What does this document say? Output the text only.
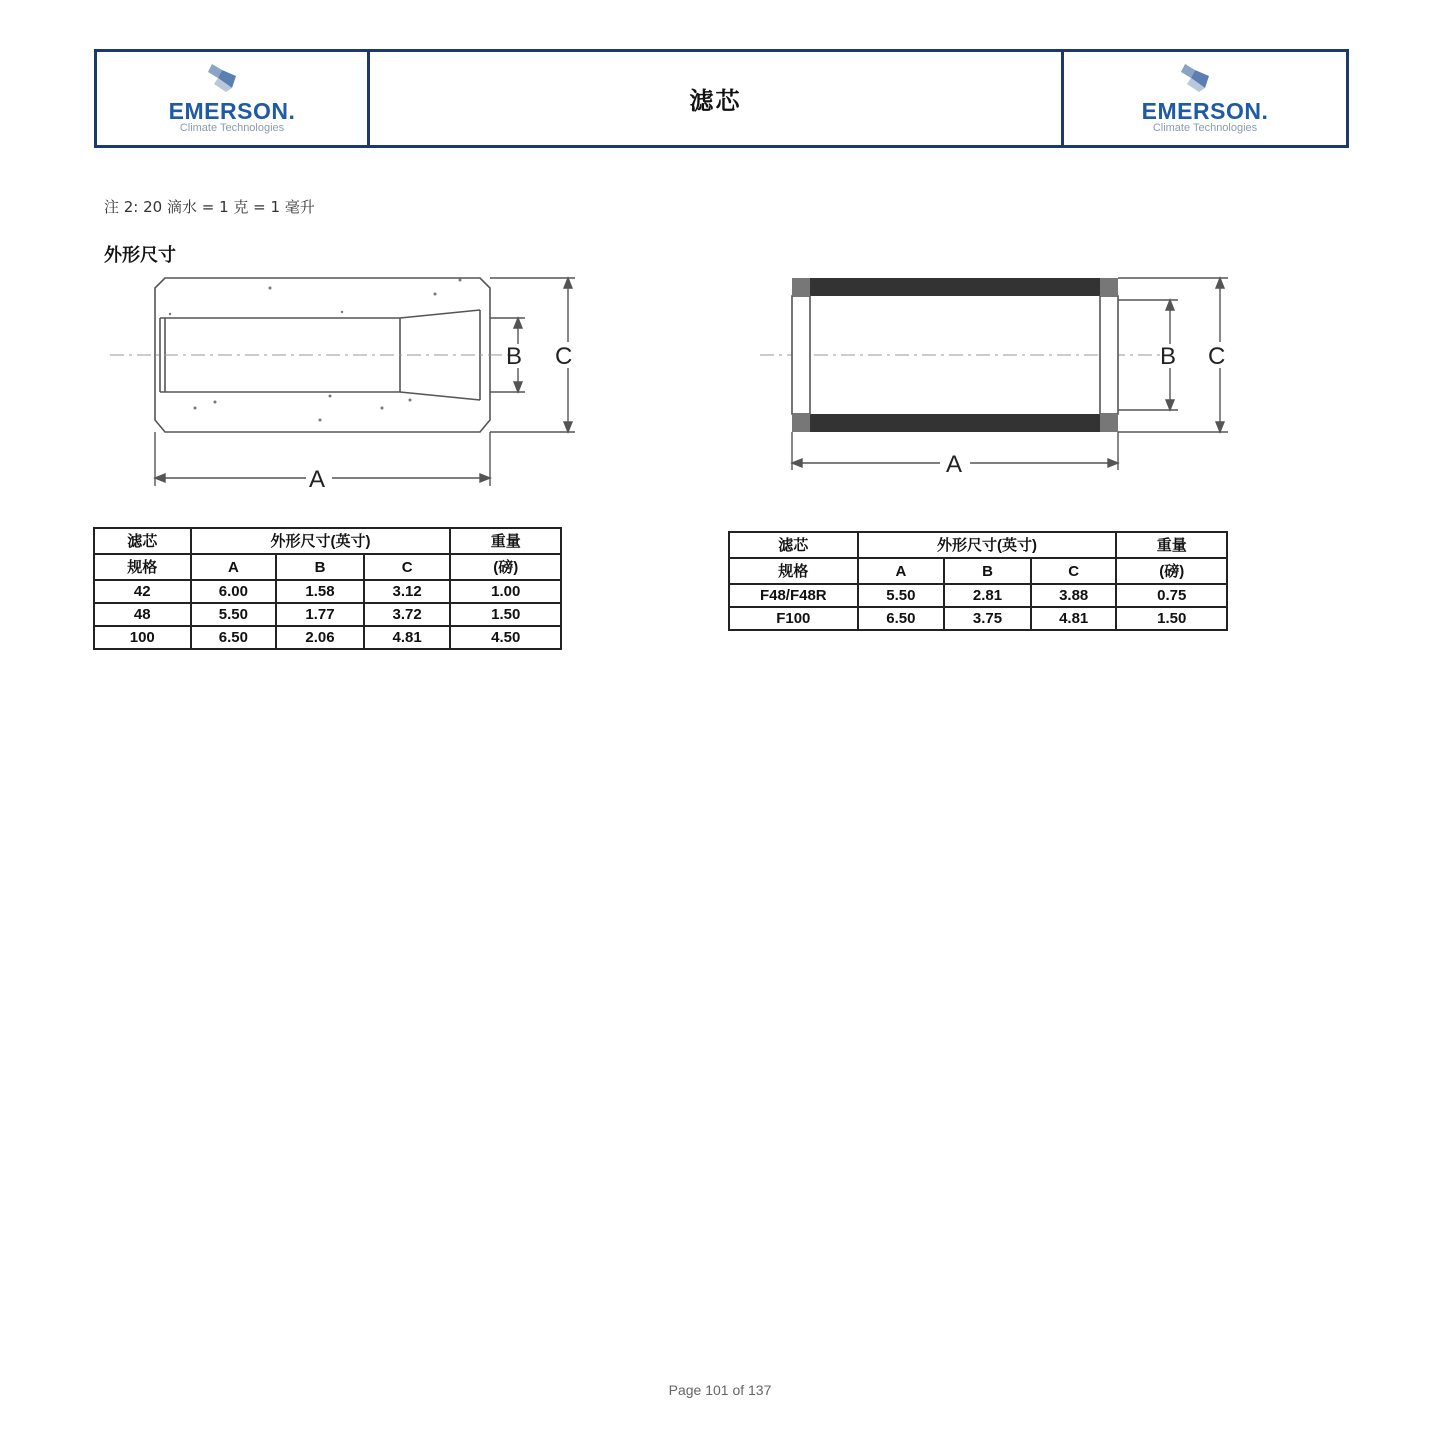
EMERSON.
Climate Technologies
滤芯	EMERSON.
Climate Technologies
注 2: 20 滴水 = 1 克 = 1 毫升
外形尺寸
B C
A
B C
A
滤芯	外形尺寸(英寸)			重量
规格	A	B	C	(磅)
42	6.00	1.58	3.12	1.00
48	5.50	1.77	3.72	1.50
100	6.50	2.06	4.81	4.50
滤芯	外形尺寸(英寸)			重量
规格	A	B	C	(磅)
F48/F48R	5.50	2.81	3.88	0.75
F100	6.50	3.75	4.81	1.50
Page 101 of 137
